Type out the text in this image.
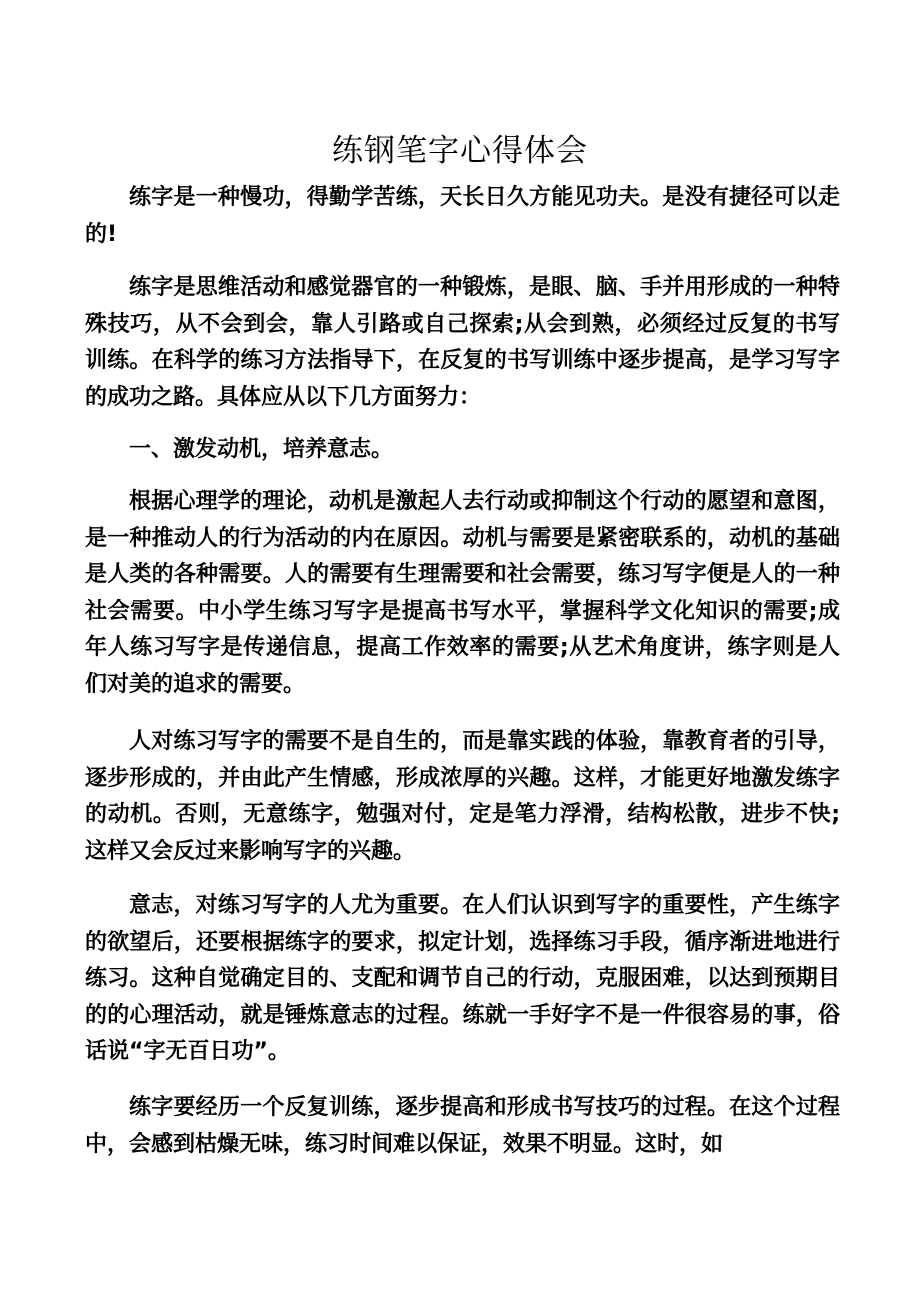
练钢笔字心得体会

练字是一种慢功，得勤学苦练，天长日久方能见功夫。是没有捷径可以走的!

练字是思维活动和感觉器官的一种锻炼，是眼、脑、手并用形成的一种特殊技巧，从不会到会，靠人引路或自己探索;从会到熟，必须经过反复的书写训练。在科学的练习方法指导下，在反复的书写训练中逐步提高，是学习写字的成功之路。具体应从以下几方面努力：

一、激发动机，培养意志。

根据心理学的理论，动机是激起人去行动或抑制这个行动的愿望和意图，是一种推动人的行为活动的内在原因。动机与需要是紧密联系的，动机的基础是人类的各种需要。人的需要有生理需要和社会需要，练习写字便是人的一种社会需要。中小学生练习写字是提高书写水平，掌握科学文化知识的需要;成年人练习写字是传递信息，提高工作效率的需要;从艺术角度讲，练字则是人们对美的追求的需要。

人对练习写字的需要不是自生的，而是靠实践的体验，靠教育者的引导，逐步形成的，并由此产生情感，形成浓厚的兴趣。这样，才能更好地激发练字的动机。否则，无意练字，勉强对付，定是笔力浮滑，结构松散，进步不快;这样又会反过来影响写字的兴趣。

意志，对练习写字的人尤为重要。在人们认识到写字的重要性，产生练字的欲望后，还要根据练字的要求，拟定计划，选择练习手段，循序渐进地进行练习。这种自觉确定目的、支配和调节自己的行动，克服困难，以达到预期目的的心理活动，就是锤炼意志的过程。练就一手好字不是一件很容易的事，俗话说“字无百日功”。

练字要经历一个反复训练，逐步提高和形成书写技巧的过程。在这个过程中，会感到枯燥无味，练习时间难以保证，效果不明显。这时，如
